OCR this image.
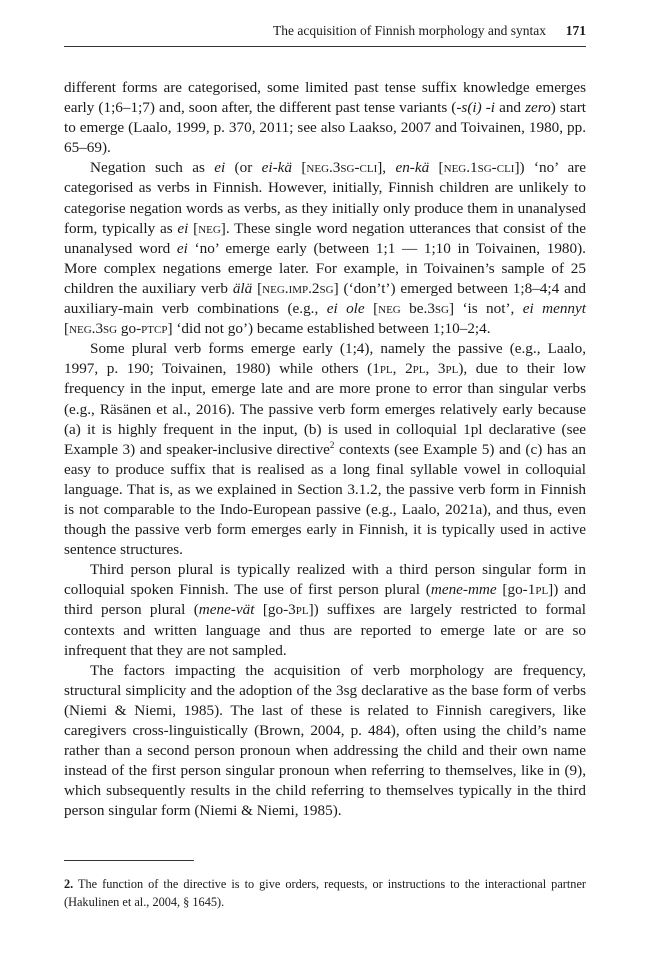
The acquisition of Finnish morphology and syntax 171

different forms are categorised, some limited past tense suffix knowledge emerges early (1;6–1;7) and, soon after, the different past tense variants (-s(i) -i and zero) start to emerge (Laalo, 1999, p. 370, 2011; see also Laakso, 2007 and Toivainen, 1980, pp. 65–69).

Negation such as ei (or ei-kä [neg.3sg-cli], en-kä [neg.1sg-cli]) ‘no’ are categorised as verbs in Finnish. However, initially, Finnish children are unlikely to categorise negation words as verbs, as they initially only produce them in unanalysed form, typically as ei [neg]. These single word negation utterances that consist of the unanalysed word ei ‘no’ emerge early (between 1;1 — 1;10 in Toivainen, 1980). More complex negations emerge later. For example, in Toivainen’s sample of 25 children the auxiliary verb älä [neg.imp.2sg] (‘don’t’) emerged between 1;8–4;4 and auxiliary-main verb combinations (e.g., ei ole [neg be.3sg] ‘is not’, ei mennyt [neg.3sg go-ptcp] ‘did not go’) became established between 1;10–2;4.

Some plural verb forms emerge early (1;4), namely the passive (e.g., Laalo, 1997, p. 190; Toivainen, 1980) while others (1pl, 2pl, 3pl), due to their low frequency in the input, emerge late and are more prone to error than singular verbs (e.g., Räsänen et al., 2016). The passive verb form emerges relatively early because (a) it is highly frequent in the input, (b) is used in colloquial 1pl declarative (see Example 3) and speaker-inclusive directive$^2$ contexts (see Example 5) and (c) has an easy to produce suffix that is realised as a long final syllable vowel in colloquial language. That is, as we explained in Section 3.1.2, the passive verb form in Finnish is not comparable to the Indo-European passive (e.g., Laalo, 2021a), and thus, even though the passive verb form emerges early in Finnish, it is typically used in active sentence structures.

Third person plural is typically realized with a third person singular form in colloquial spoken Finnish. The use of first person plural (mene-mme [go-1pl]) and third person plural (mene-vät [go-3pl]) suffixes are largely restricted to formal contexts and written language and thus are reported to emerge late or are so infrequent that they are not sampled.

The factors impacting the acquisition of verb morphology are frequency, structural simplicity and the adoption of the 3sg declarative as the base form of verbs (Niemi & Niemi, 1985). The last of these is related to Finnish caregivers, like caregivers cross-linguistically (Brown, 2004, p. 484), often using the child’s name rather than a second person pronoun when addressing the child and their own name instead of the first person singular pronoun when referring to themselves, like in (9), which subsequently results in the child referring to themselves typically in the third person singular form (Niemi & Niemi, 1985).

2. The function of the directive is to give orders, requests, or instructions to the interactional partner (Hakulinen et al., 2004, § 1645).
